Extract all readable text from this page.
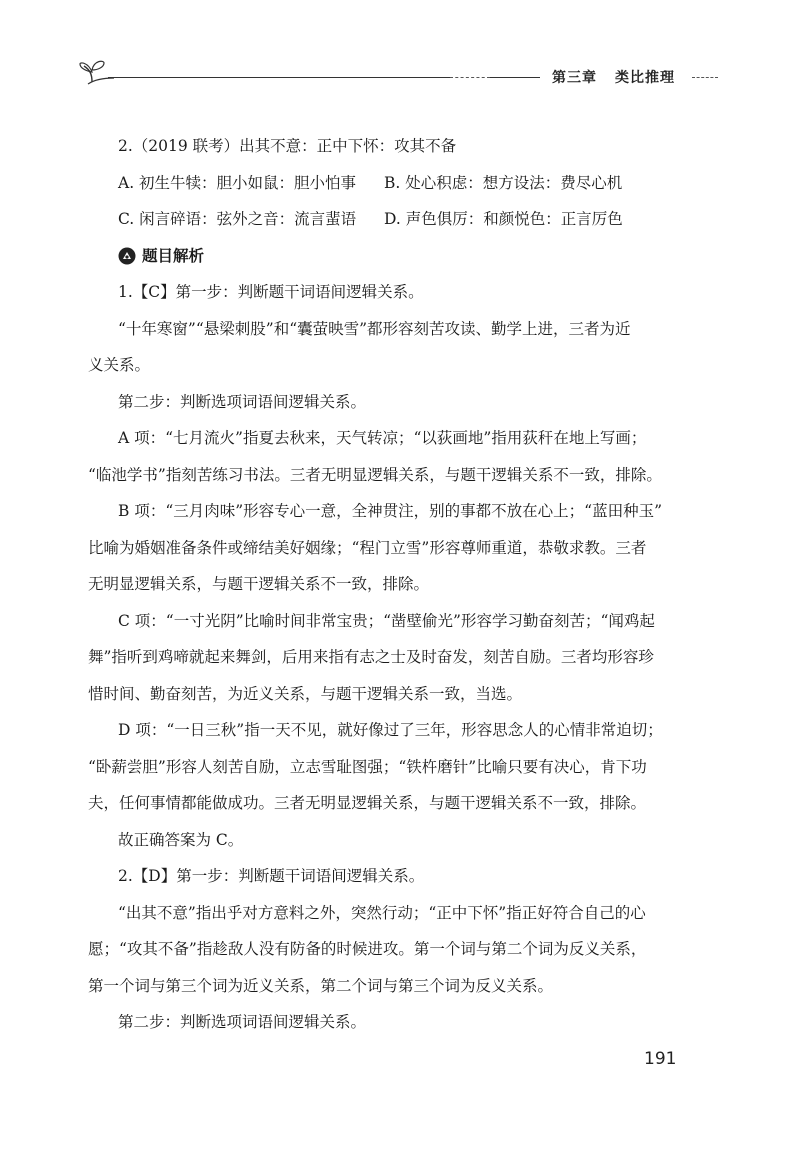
第三章 类比推理

2.（2019 联考）出其不意：正中下怀：攻其不备

A. 初生牛犊：胆小如鼠：胆小怕事	B. 处心积虑：想方设法：费尽心机
C. 闲言碎语：弦外之音：流言蜚语	D. 声色俱厉：和颜悦色：正言厉色
题目解析

1.【C】第一步：判断题干词语间逻辑关系。

“十年寒窗”“悬梁刺股”和“囊萤映雪”都形容刻苦攻读、勤学上进，三者为近

义关系。

第二步：判断选项词语间逻辑关系。

A 项：“七月流火”指夏去秋来，天气转凉；“以荻画地”指用荻秆在地上写画；

“临池学书”指刻苦练习书法。三者无明显逻辑关系，与题干逻辑关系不一致，排除。

B 项：“三月肉味”形容专心一意，全神贯注，别的事都不放在心上；“蓝田种玉”

比喻为婚姻准备条件或缔结美好姻缘；“程门立雪”形容尊师重道，恭敬求教。三者

无明显逻辑关系，与题干逻辑关系不一致，排除。

C 项：“一寸光阴”比喻时间非常宝贵；“凿壁偷光”形容学习勤奋刻苦；“闻鸡起

舞”指听到鸡啼就起来舞剑，后用来指有志之士及时奋发，刻苦自励。三者均形容珍

惜时间、勤奋刻苦，为近义关系，与题干逻辑关系一致，当选。

D 项：“一日三秋”指一天不见，就好像过了三年，形容思念人的心情非常迫切；

“卧薪尝胆”形容人刻苦自励，立志雪耻图强；“铁杵磨针”比喻只要有决心，肯下功

夫，任何事情都能做成功。三者无明显逻辑关系，与题干逻辑关系不一致，排除。

故正确答案为 C。

2.【D】第一步：判断题干词语间逻辑关系。

“出其不意”指出乎对方意料之外，突然行动；“正中下怀”指正好符合自己的心

愿；“攻其不备”指趁敌人没有防备的时候进攻。第一个词与第二个词为反义关系，

第一个词与第三个词为近义关系，第二个词与第三个词为反义关系。

第二步：判断选项词语间逻辑关系。

191
